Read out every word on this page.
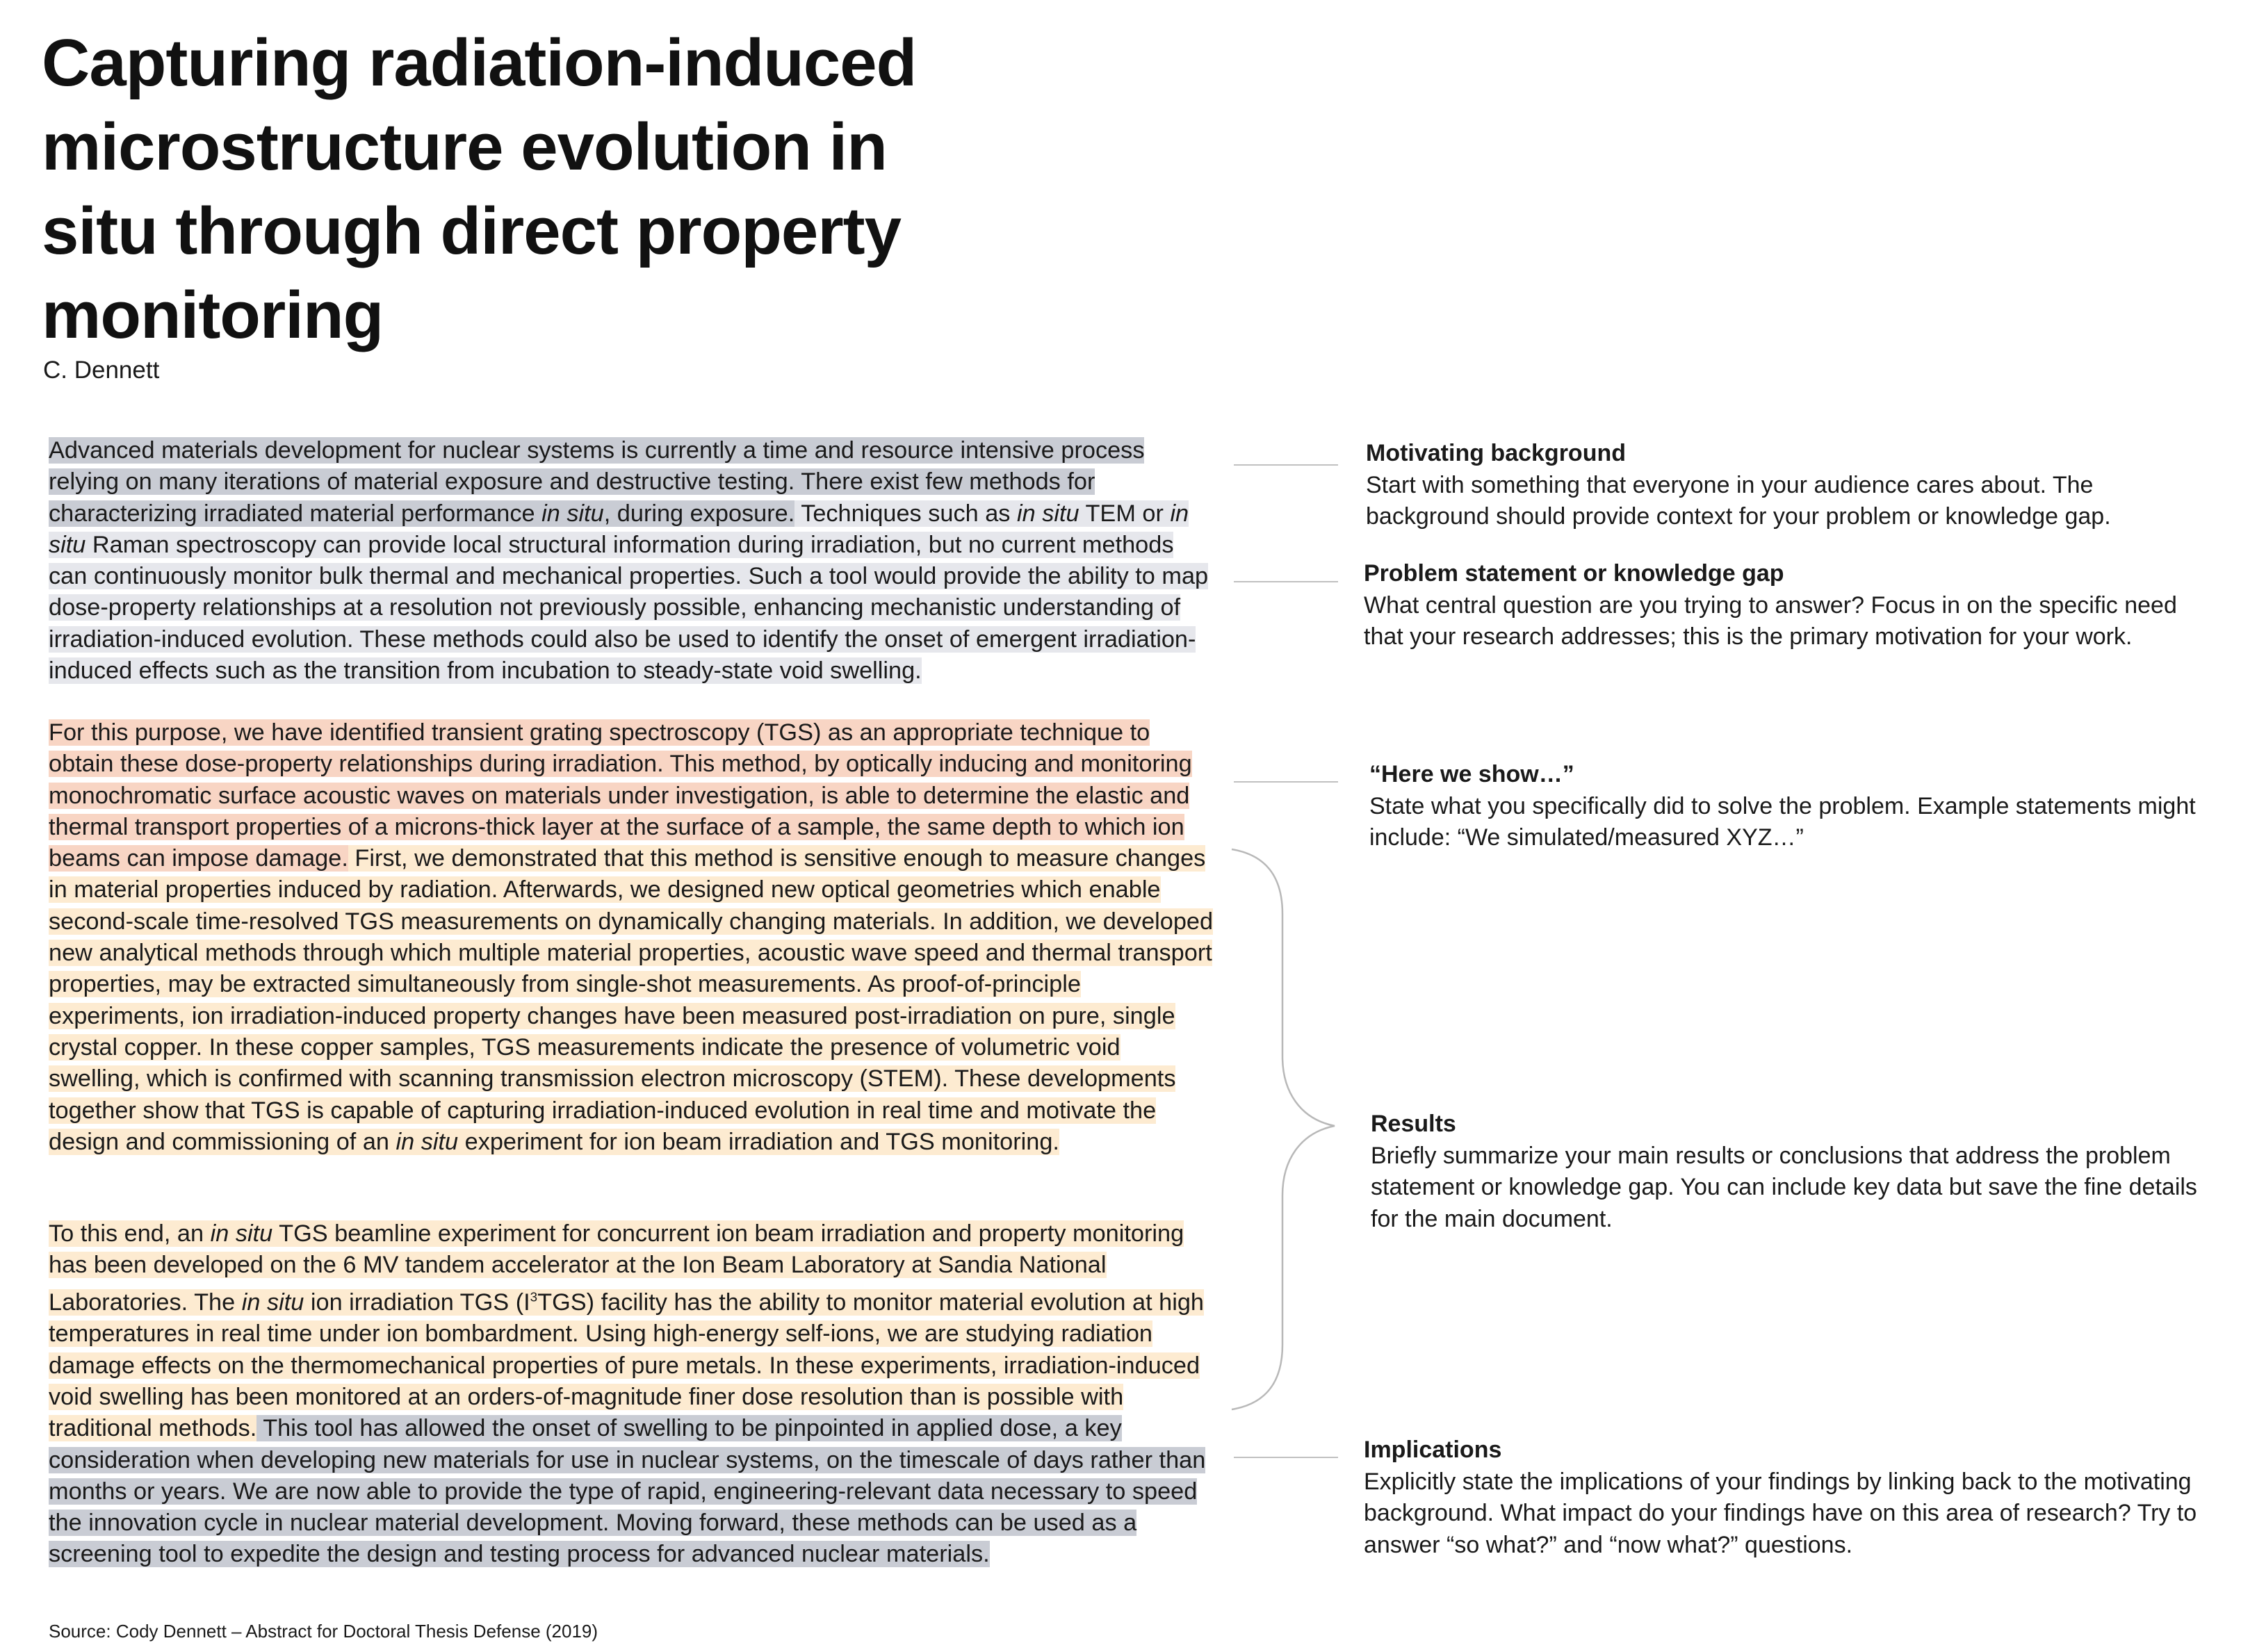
Capturing radiation-induced microstructure evolution in situ through direct property monitoring
C. Dennett

Advanced materials development for nuclear systems is currently a time and resource intensive process relying on many iterations of material exposure and destructive testing. There exist few methods for characterizing irradiated material performance in situ, during exposure. Techniques such as in situ TEM or in situ Raman spectroscopy can provide local structural information during irradiation, but no current methods can continuously monitor bulk thermal and mechanical properties. Such a tool would provide the ability to map dose-property relationships at a resolution not previously possible, enhancing mechanistic understanding of irradiation-induced evolution. These methods could also be used to identify the onset of emergent irradiation-induced effects such as the transition from incubation to steady-state void swelling.

For this purpose, we have identified transient grating spectroscopy (TGS) as an appropriate technique to obtain these dose-property relationships during irradiation. This method, by optically inducing and monitoring monochromatic surface acoustic waves on materials under investigation, is able to determine the elastic and thermal transport properties of a microns-thick layer at the surface of a sample, the same depth to which ion beams can impose damage. First, we demonstrated that this method is sensitive enough to measure changes in material properties induced by radiation. Afterwards, we designed new optical geometries which enable second-scale time-resolved TGS measurements on dynamically changing materials. In addition, we developed new analytical methods through which multiple material properties, acoustic wave speed and thermal transport properties, may be extracted simultaneously from single-shot measurements. As proof-of-principle experiments, ion irradiation-induced property changes have been measured post-irradiation on pure, single crystal copper. In these copper samples, TGS measurements indicate the presence of volumetric void swelling, which is confirmed with scanning transmission electron microscopy (STEM). These developments together show that TGS is capable of capturing irradiation-induced evolution in real time and motivate the design and commissioning of an in situ experiment for ion beam irradiation and TGS monitoring.

To this end, an in situ TGS beamline experiment for concurrent ion beam irradiation and property monitoring has been developed on the 6 MV tandem accelerator at the Ion Beam Laboratory at Sandia National Laboratories. The in situ ion irradiation TGS $(I^3TGS)$ facility has the ability to monitor material evolution at high temperatures in real time under ion bombardment. Using high-energy self-ions, we are studying radiation damage effects on the thermomechanical properties of pure metals. In these experiments, irradiation-induced void swelling has been monitored at an orders-of-magnitude finer dose resolution than is possible with traditional methods. This tool has allowed the onset of swelling to be pinpointed in applied dose, a key consideration when developing new materials for use in nuclear systems, on the timescale of days rather than months or years. We are now able to provide the type of rapid, engineering-relevant data necessary to speed the innovation cycle in nuclear material development. Moving forward, these methods can be used as a screening tool to expedite the design and testing process for advanced nuclear materials.

Motivating background
Start with something that everyone in your audience cares about. The
background should provide context for your problem or knowledge gap.
Problem statement or knowledge gap
What central question are you trying to answer? Focus in on the specific need
that your research addresses; this is the primary motivation for your work.
“Here we show…”
State what you specifically did to solve the problem. Example statements might
include: “We simulated/measured XYZ…”
Results
Briefly summarize your main results or conclusions that address the problem
statement or knowledge gap. You can include key data but save the fine details
for the main document.
Implications
Explicitly state the implications of your findings by linking back to the motivating
background. What impact do your findings have on this area of research? Try to
answer “so what?” and “now what?” questions.
Source: Cody Dennett – Abstract for Doctoral Thesis Defense (2019)
